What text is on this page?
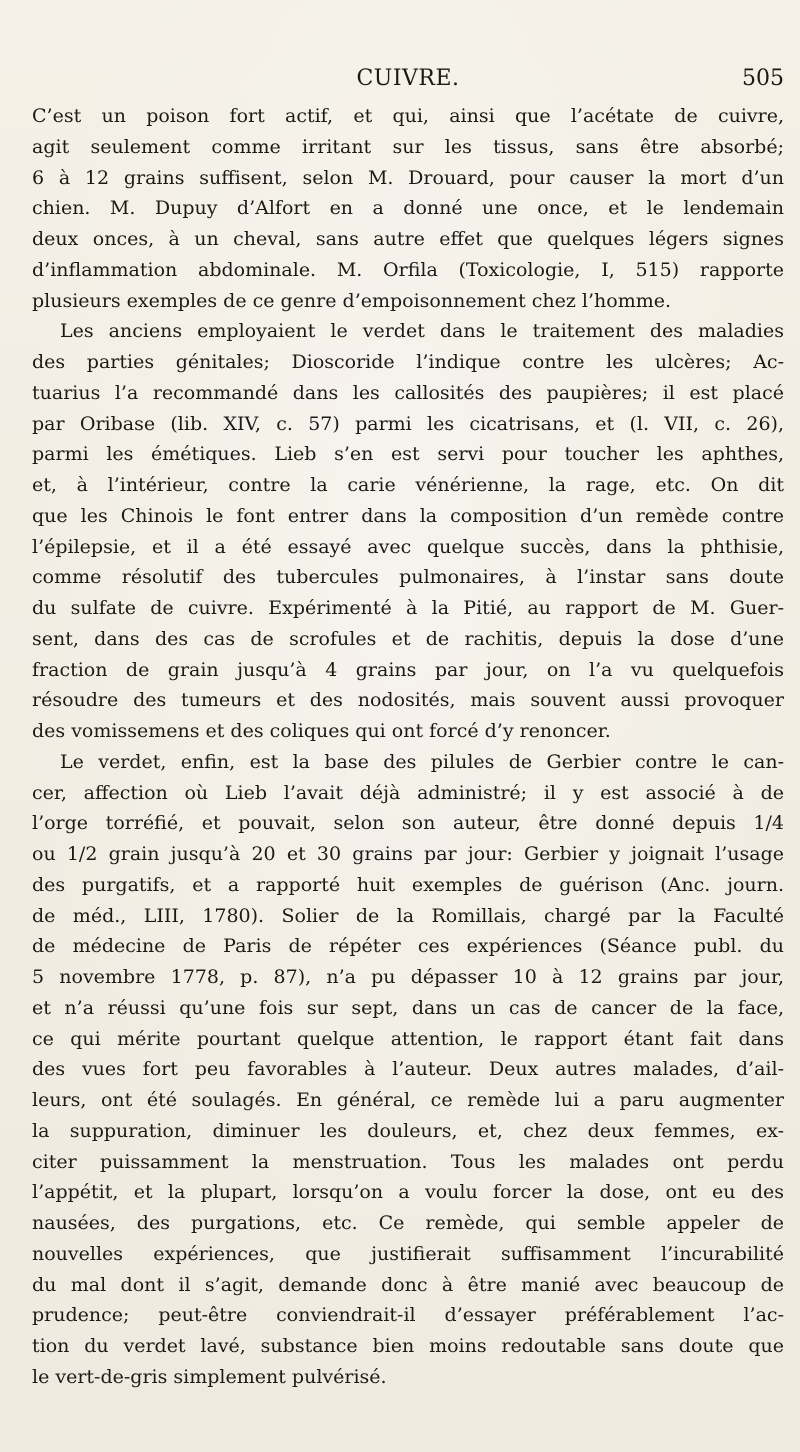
CUIVRE.	505
C’est un poison fort actif, et qui, ainsi que l’acétate de cuivre,
agit seulement comme irritant sur les tissus, sans être absorbé;
6 à 12 grains suffisent, selon M. Drouard, pour causer la mort d’un
chien. M. Dupuy d’Alfort en a donné une once, et le lendemain
deux onces, à un cheval, sans autre effet que quelques légers signes
d’inflammation abdominale. M. Orfila (Toxicologie, I, 515) rapporte
plusieurs exemples de ce genre d’empoisonnement chez l’homme.
Les anciens employaient le verdet dans le traitement des maladies
des parties génitales; Dioscoride l’indique contre les ulcères; Ac-
tuarius l’a recommandé dans les callosités des paupières; il est placé
par Oribase (lib. XIV, c. 57) parmi les cicatrisans, et (l. VII, c. 26),
parmi les émétiques. Lieb s’en est servi pour toucher les aphthes,
et, à l’intérieur, contre la carie vénérienne, la rage, etc. On dit
que les Chinois le font entrer dans la composition d’un remède contre
l’épilepsie, et il a été essayé avec quelque succès, dans la phthisie,
comme résolutif des tubercules pulmonaires, à l’instar sans doute
du sulfate de cuivre. Expérimenté à la Pitié, au rapport de M. Guer-
sent, dans des cas de scrofules et de rachitis, depuis la dose d’une
fraction de grain jusqu’à 4 grains par jour, on l’a vu quelquefois
résoudre des tumeurs et des nodosités, mais souvent aussi provoquer
des vomissemens et des coliques qui ont forcé d’y renoncer.
Le verdet, enfin, est la base des pilules de Gerbier contre le can-
cer, affection où Lieb l’avait déjà administré; il y est associé à de
l’orge torréfié, et pouvait, selon son auteur, être donné depuis 1/4
ou 1/2 grain jusqu’à 20 et 30 grains par jour: Gerbier y joignait l’usage
des purgatifs, et a rapporté huit exemples de guérison (Anc. journ.
de méd., LIII, 1780). Solier de la Romillais, chargé par la Faculté
de médecine de Paris de répéter ces expériences (Séance publ. du
5 novembre 1778, p. 87), n’a pu dépasser 10 à 12 grains par jour,
et n’a réussi qu’une fois sur sept, dans un cas de cancer de la face,
ce qui mérite pourtant quelque attention, le rapport étant fait dans
des vues fort peu favorables à l’auteur. Deux autres malades, d’ail-
leurs, ont été soulagés. En général, ce remède lui a paru augmenter
la suppuration, diminuer les douleurs, et, chez deux femmes, ex-
citer puissamment la menstruation. Tous les malades ont perdu
l’appétit, et la plupart, lorsqu’on a voulu forcer la dose, ont eu des
nausées, des purgations, etc. Ce remède, qui semble appeler de
nouvelles expériences, que justifierait suffisamment l’incurabilité
du mal dont il s’agit, demande donc à être manié avec beaucoup de
prudence; peut-être conviendrait-il d’essayer préférablement l’ac-
tion du verdet lavé, substance bien moins redoutable sans doute que
le vert-de-gris simplement pulvérisé.
